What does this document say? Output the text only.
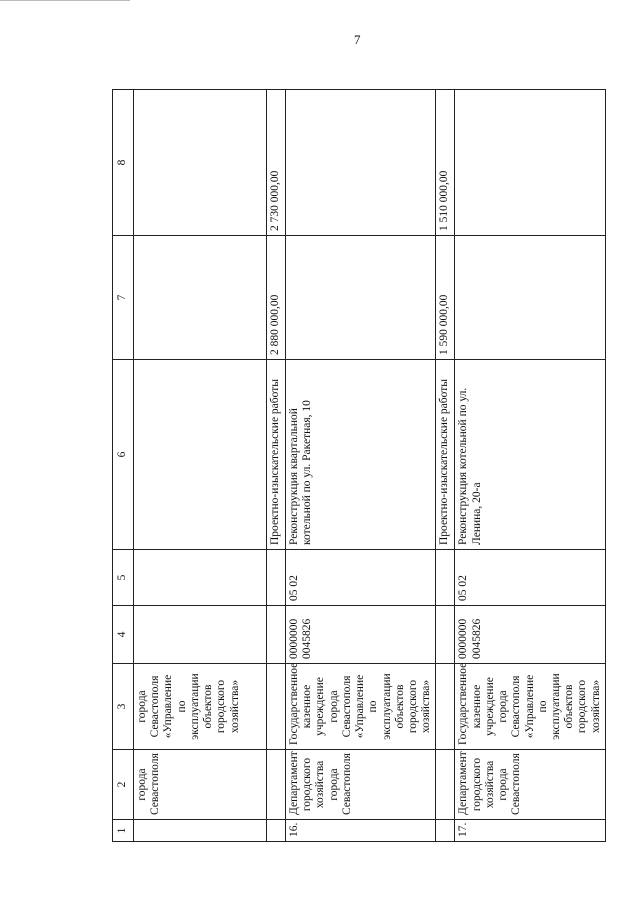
7
1	2	3	4	5	6	7	8
	города Севастополя	города Севастополя «Управление по эксплуатации объектов городского хозяйства»					
					Проектно-изыскательские работы	2 880 000,00	2 730 000,00
16.	Департамент городского хозяйства города Севастополя	Государственное казенное учреждение города Севастополя «Управление по эксплуатации объектов городского хозяйства»	0000000 0045826	05 02	Реконструкция квартальной котельной по ул. Ракетная, 10		
					Проектно-изыскательские работы	1 590 000,00	1 510 000,00
17.	Департамент городского хозяйства города Севастополя	Государственное казенное учреждение города Севастополя «Управление по эксплуатации объектов городского хозяйства»	0000000 0045826	05 02	Реконструкция котельной по ул. Ленина, 20-а		
